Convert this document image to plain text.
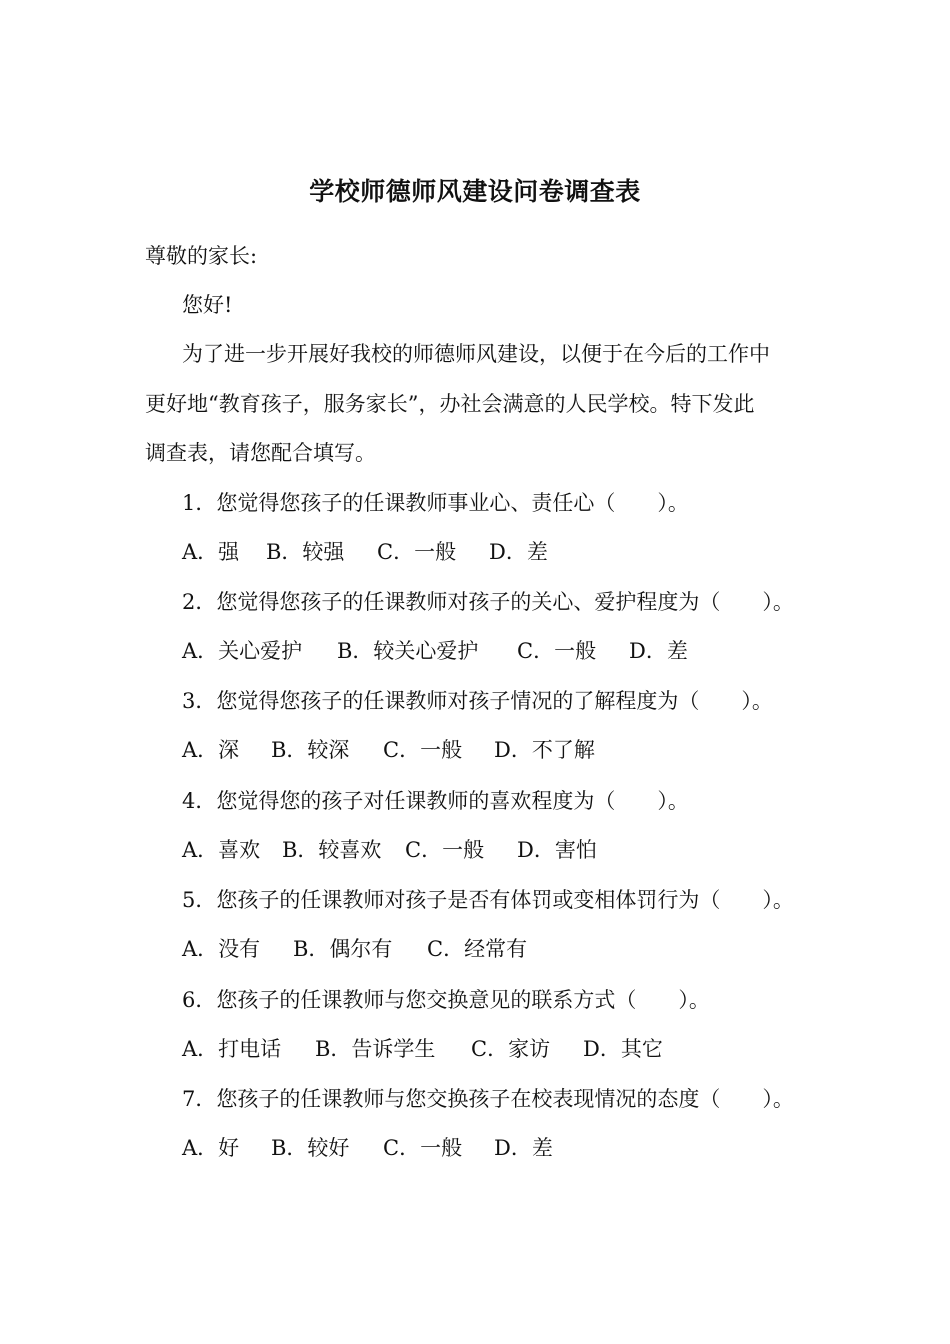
学校师德师风建设问卷调查表
尊敬的家长:
您好!
为了进一步开展好我校的师德师风建设，以便于在今后的工作中
更好地“教育孩子，服务家长”，办社会满意的人民学校。特下发此
调查表，请您配合填写。
1．您觉得您孩子的任课教师事业心、责任心（　　）。
A．强 B．较强 C．一般 D．差
2．您觉得您孩子的任课教师对孩子的关心、爱护程度为（　　）。
A．关心爱护 B．较关心爱护 C．一般 D．差
3．您觉得您孩子的任课教师对孩子情况的了解程度为（　　）。
A．深 B．较深 C．一般 D．不了解
4．您觉得您的孩子对任课教师的喜欢程度为（　　）。
A．喜欢 B．较喜欢 C．一般 D．害怕
5．您孩子的任课教师对孩子是否有体罚或变相体罚行为（　　）。
A．没有 B．偶尔有 C．经常有
6．您孩子的任课教师与您交换意见的联系方式（　　）。
A．打电话 B．告诉学生 C．家访 D．其它
7．您孩子的任课教师与您交换孩子在校表现情况的态度（　　）。
A．好 B．较好 C．一般 D．差
